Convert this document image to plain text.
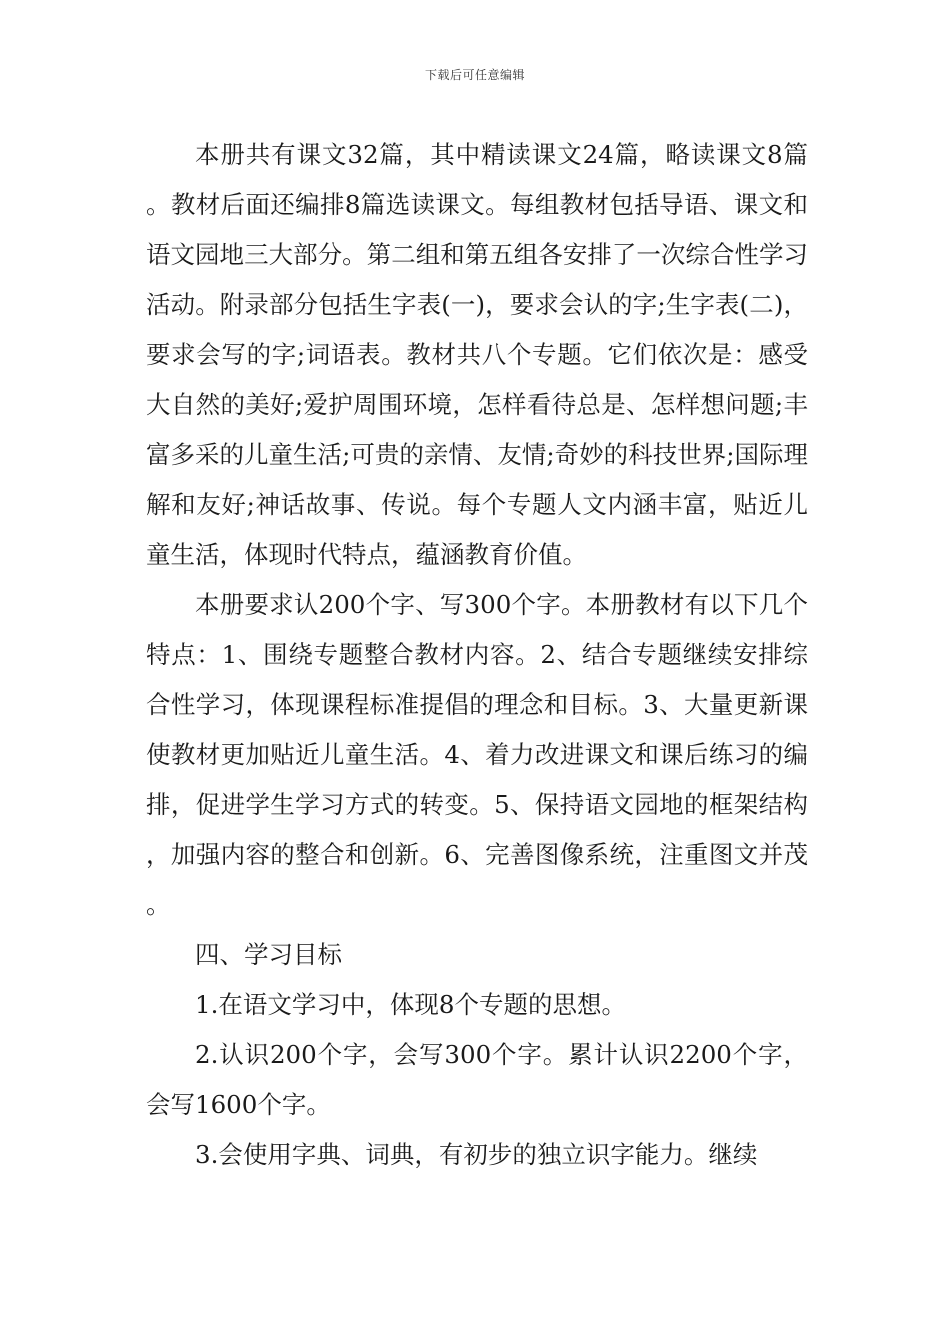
下载后可任意编辑

本册共有课文32篇，其中精读课文24篇，略读课文8篇。教材后面还编排8篇选读课文。每组教材包括导语、课文和语文园地三大部分。第二组和第五组各安排了一次综合性学习活动。附录部分包括生字表(一)，要求会认的字;生字表(二)，要求会写的字;词语表。教材共八个专题。它们依次是：感受大自然的美好;爱护周围环境，怎样看待总是、怎样想问题;丰富多采的儿童生活;可贵的亲情、友情;奇妙的科技世界;国际理解和友好;神话故事、传说。每个专题人文内涵丰富，贴近儿童生活，体现时代特点，蕴涵教育价值。

本册要求认200个字、写300个字。本册教材有以下几个特点：1、围绕专题整合教材内容。2、结合专题继续安排综合性学习，体现课程标准提倡的理念和目标。3、大量更新课使教材更加贴近儿童生活。4、着力改进课文和课后练习的编排，促进学生学习方式的转变。5、保持语文园地的框架结构，加强内容的整合和创新。6、完善图像系统，注重图文并茂。

四、学习目标

1.在语文学习中，体现8个专题的思想。

2.认识200个字，会写300个字。累计认识2200个字，会写1600个字。

3.会使用字典、词典，有初步的独立识字能力。继续
